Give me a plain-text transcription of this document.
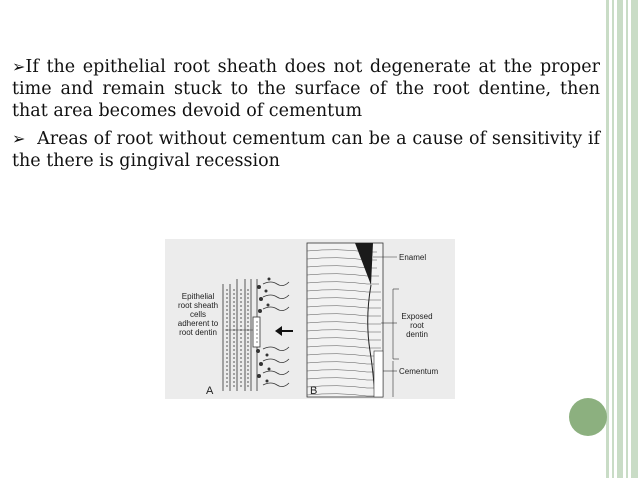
➢If the epithelial root sheath does not degenerate at the proper time and remain stuck to the surface of the root dentine, then that area becomes devoid of cementum

➢ Areas of root without cementum can be a cause of sensitivity if the there is gingival recession

Epithelial
root sheath
cells
adherent to
root dentin
Enamel
Exposed
root
dentin
Cementum
A	B
